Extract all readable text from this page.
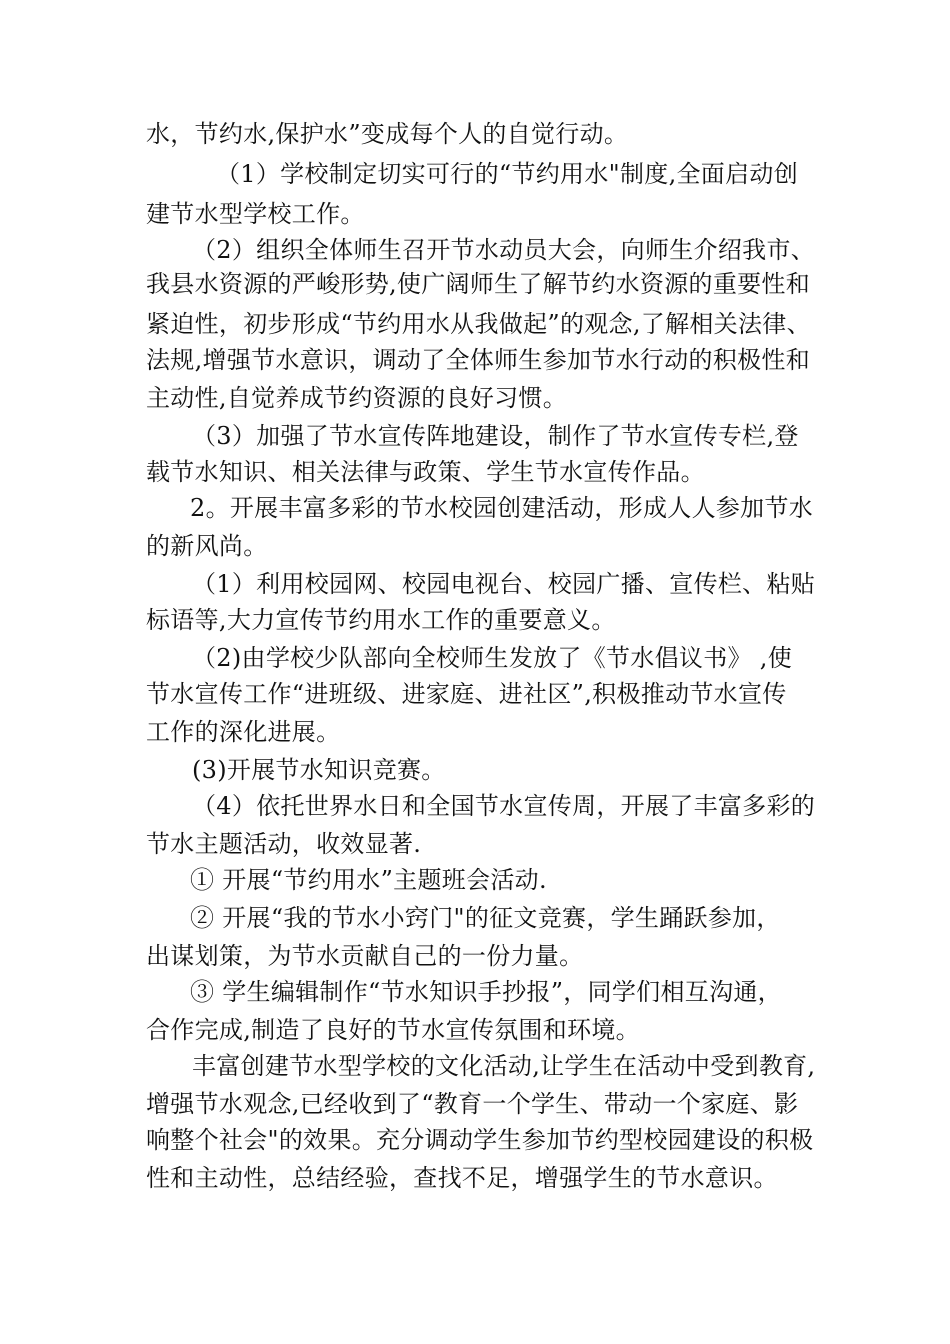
水，节约水,保护水”变成每个人的自觉行动。
（1）学校制定切实可行的“节约用水"制度,全面启动创
建节水型学校工作。
（2）组织全体师生召开节水动员大会，向师生介绍我市、
我县水资源的严峻形势,使广阔师生了解节约水资源的重要性和
紧迫性，初步形成“节约用水从我做起”的观念,了解相关法律、
法规,增强节水意识，调动了全体师生参加节水行动的积极性和
主动性,自觉养成节约资源的良好习惯。
（3）加强了节水宣传阵地建设，制作了节水宣传专栏,登
载节水知识、相关法律与政策、学生节水宣传作品。
2。开展丰富多彩的节水校园创建活动，形成人人参加节水
的新风尚。
（1）利用校园网、校园电视台、校园广播、宣传栏、粘贴
标语等,大力宣传节约用水工作的重要意义。
（2)由学校少队部向全校师生发放了《节水倡议书》 ,使
节水宣传工作“进班级、进家庭、进社区”,积极推动节水宣传
工作的深化进展。
(3)开展节水知识竞赛。
（4）依托世界水日和全国节水宣传周，开展了丰富多彩的
节水主题活动，收效显著.
① 开展“节约用水”主题班会活动.
② 开展“我的节水小窍门"的征文竞赛，学生踊跃参加，
出谋划策，为节水贡献自己的一份力量。
③ 学生编辑制作“节水知识手抄报”，同学们相互沟通，
合作完成,制造了良好的节水宣传氛围和环境。
丰富创建节水型学校的文化活动,让学生在活动中受到教育,
增强节水观念,已经收到了“教育一个学生、带动一个家庭、影
响整个社会"的效果。充分调动学生参加节约型校园建设的积极
性和主动性，总结经验，查找不足，增强学生的节水意识。
